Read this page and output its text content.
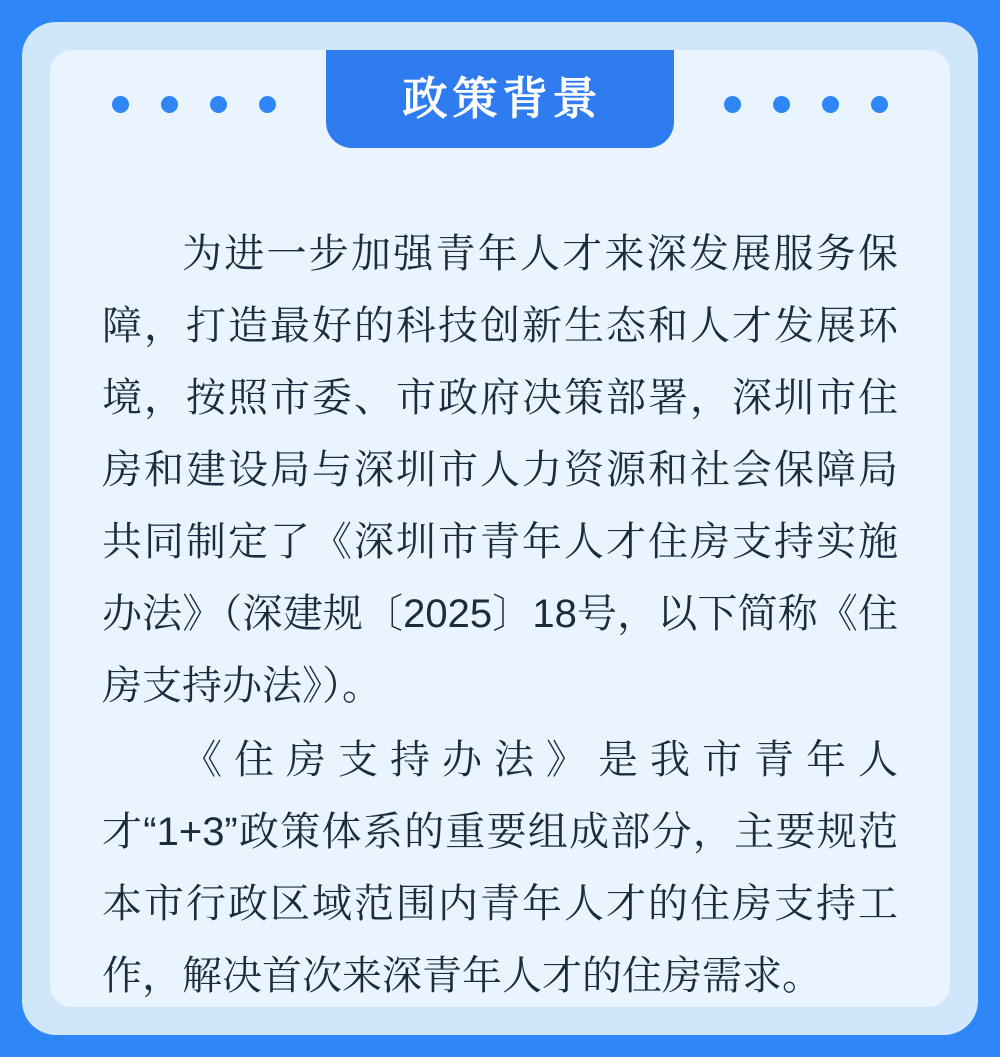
政策背景

为进一步加强青年人才来深发展服务保障，打造最好的科技创新生态和人才发展环境，按照市委、市政府决策部署，深圳市住房和建设局与深圳市人力资源和社会保障局共同制定了《深圳市青年人才住房支持实施办法》（深建规〔2025〕18号，以下简称《住房支持办法》）。

《住房支持办法》是我市青年人才“1+3”政策体系的重要组成部分，主要规范本市行政区域范围内青年人才的住房支持工作，解决首次来深青年人才的住房需求。
